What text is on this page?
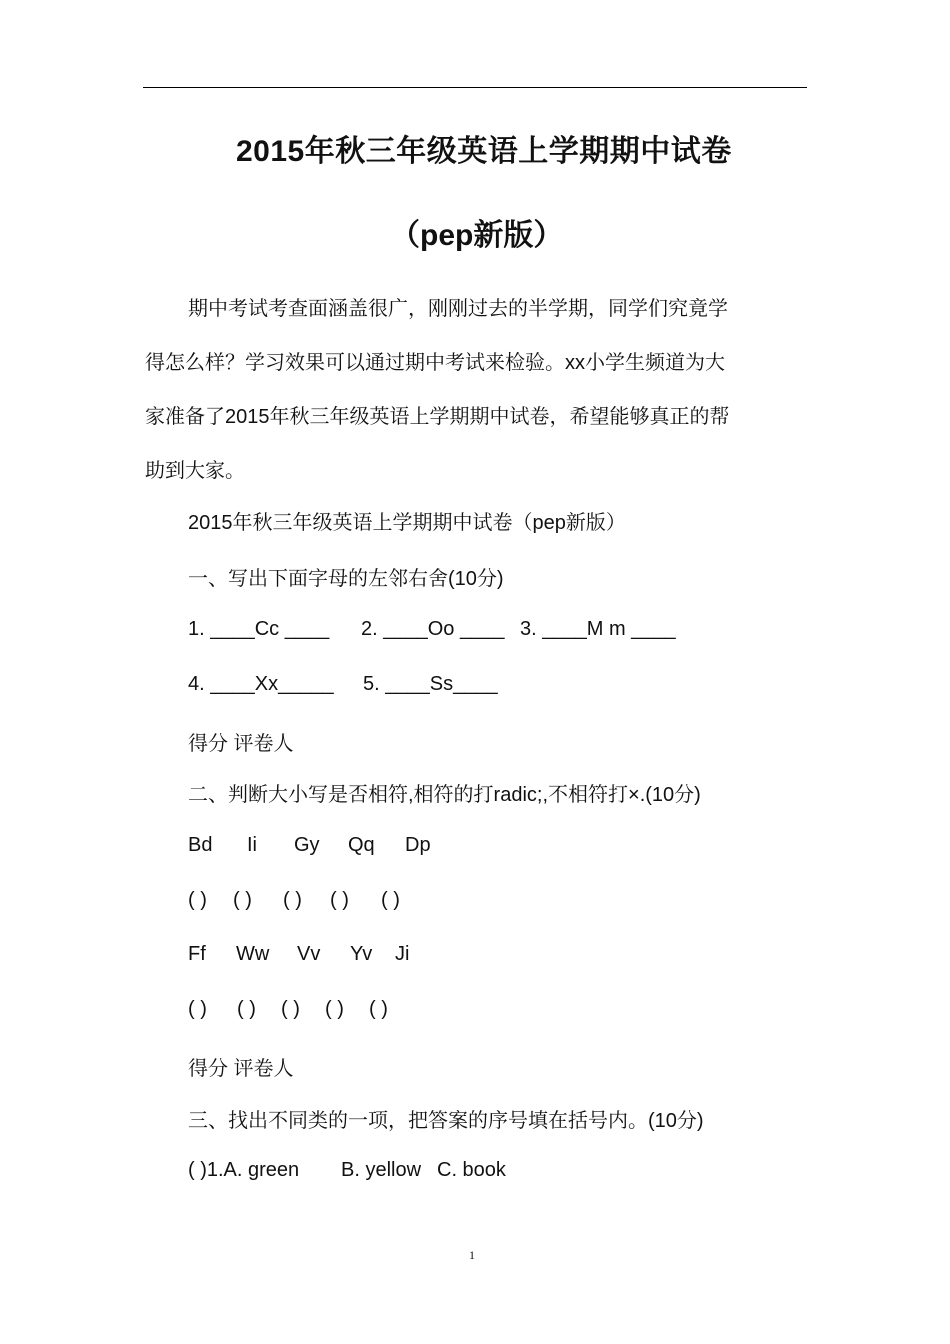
2015年秋三年级英语上学期期中试卷
（pep新版）
期中考试考查面涵盖很广，刚刚过去的半学期，同学们究竟学
得怎么样？学习效果可以通过期中考试来检验。xx小学生频道为大
家准备了2015年秋三年级英语上学期期中试卷，希望能够真正的帮
助到大家。
2015年秋三年级英语上学期期中试卷（pep新版）
一、写出下面字母的左邻右舍(10分)
1. ____Cc ____ 2. ____Oo ____ 3. ____M m ____
4. ____Xx_____ 5. ____Ss____
得分 评卷人
二、判断大小写是否相符,相符的打radic;,不相符打×.(10分)
Bd Ii Gy Qq Dp
( ) ( ) ( ) ( ) ( )
Ff Ww Vv Yv Ji
( ) ( ) ( ) ( ) ( )
得分 评卷人
三、找出不同类的一项，把答案的序号填在括号内。(10分)
( )1.A. green B. yellow C. book
1
